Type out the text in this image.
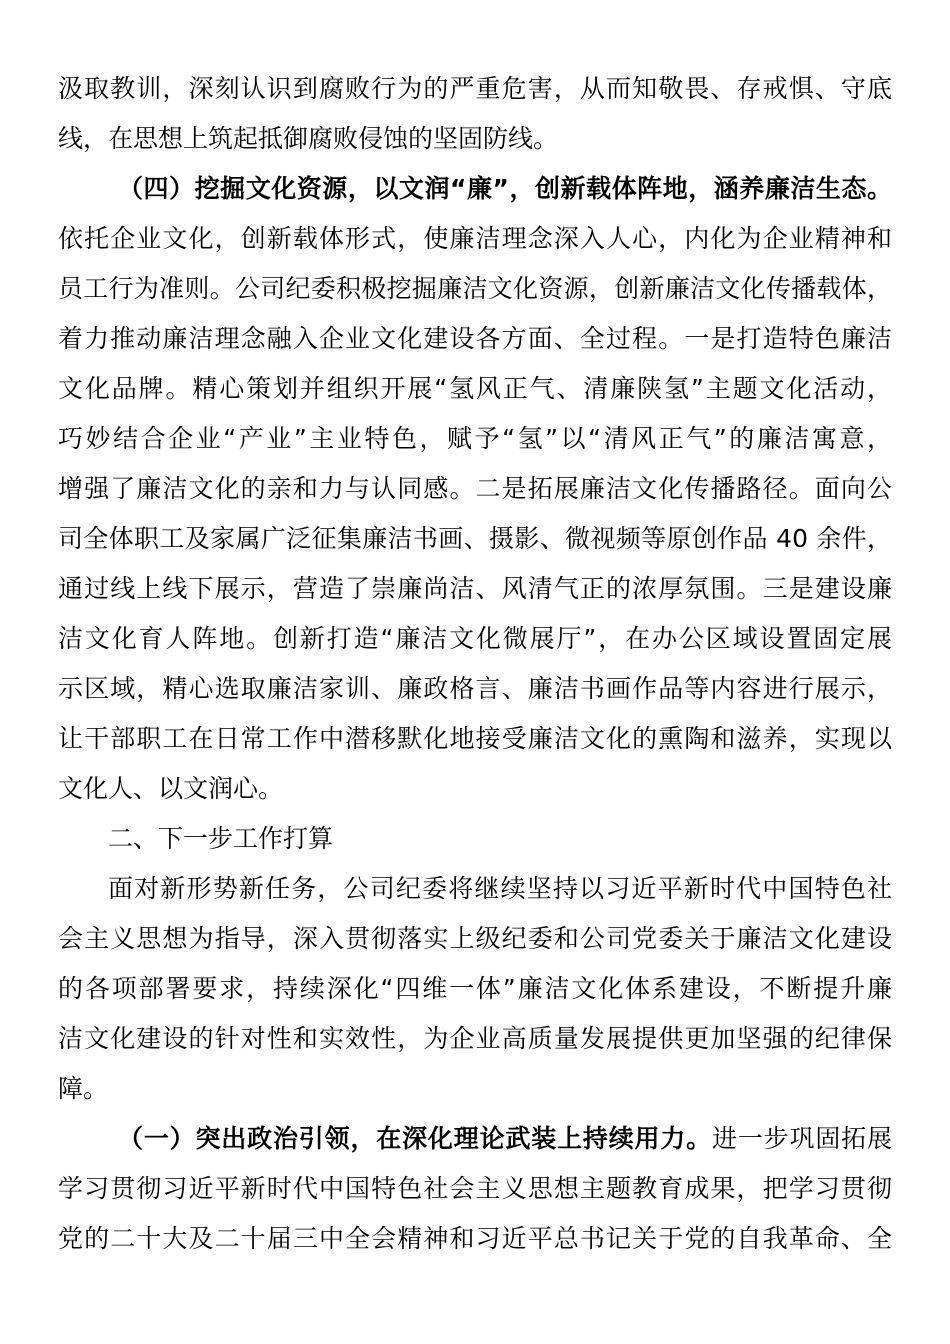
汲取教训，深刻认识到腐败行为的严重危害，从而知敬畏、存戒惧、守底
线，在思想上筑起抵御腐败侵蚀的坚固防线。
（四）挖掘文化资源，以文润“廉”，创新载体阵地，涵养廉洁生态。
依托企业文化，创新载体形式，使廉洁理念深入人心，内化为企业精神和
员工行为准则。公司纪委积极挖掘廉洁文化资源，创新廉洁文化传播载体，
着力推动廉洁理念融入企业文化建设各方面、全过程。一是打造特色廉洁
文化品牌。精心策划并组织开展“氢风正气、清廉陕氢”主题文化活动，
巧妙结合企业“产业”主业特色，赋予“氢”以“清风正气”的廉洁寓意，
增强了廉洁文化的亲和力与认同感。二是拓展廉洁文化传播路径。面向公
司全体职工及家属广泛征集廉洁书画、摄影、微视频等原创作品 40 余件，
通过线上线下展示，营造了崇廉尚洁、风清气正的浓厚氛围。三是建设廉
洁文化育人阵地。创新打造“廉洁文化微展厅”，在办公区域设置固定展
示区域，精心选取廉洁家训、廉政格言、廉洁书画作品等内容进行展示，
让干部职工在日常工作中潜移默化地接受廉洁文化的熏陶和滋养，实现以
文化人、以文润心。
二、下一步工作打算
面对新形势新任务，公司纪委将继续坚持以习近平新时代中国特色社
会主义思想为指导，深入贯彻落实上级纪委和公司党委关于廉洁文化建设
的各项部署要求，持续深化“四维一体”廉洁文化体系建设，不断提升廉
洁文化建设的针对性和实效性，为企业高质量发展提供更加坚强的纪律保
障。
（一）突出政治引领，在深化理论武装上持续用力。进一步巩固拓展
学习贯彻习近平新时代中国特色社会主义思想主题教育成果，把学习贯彻
党的二十大及二十届三中全会精神和习近平总书记关于党的自我革命、全
